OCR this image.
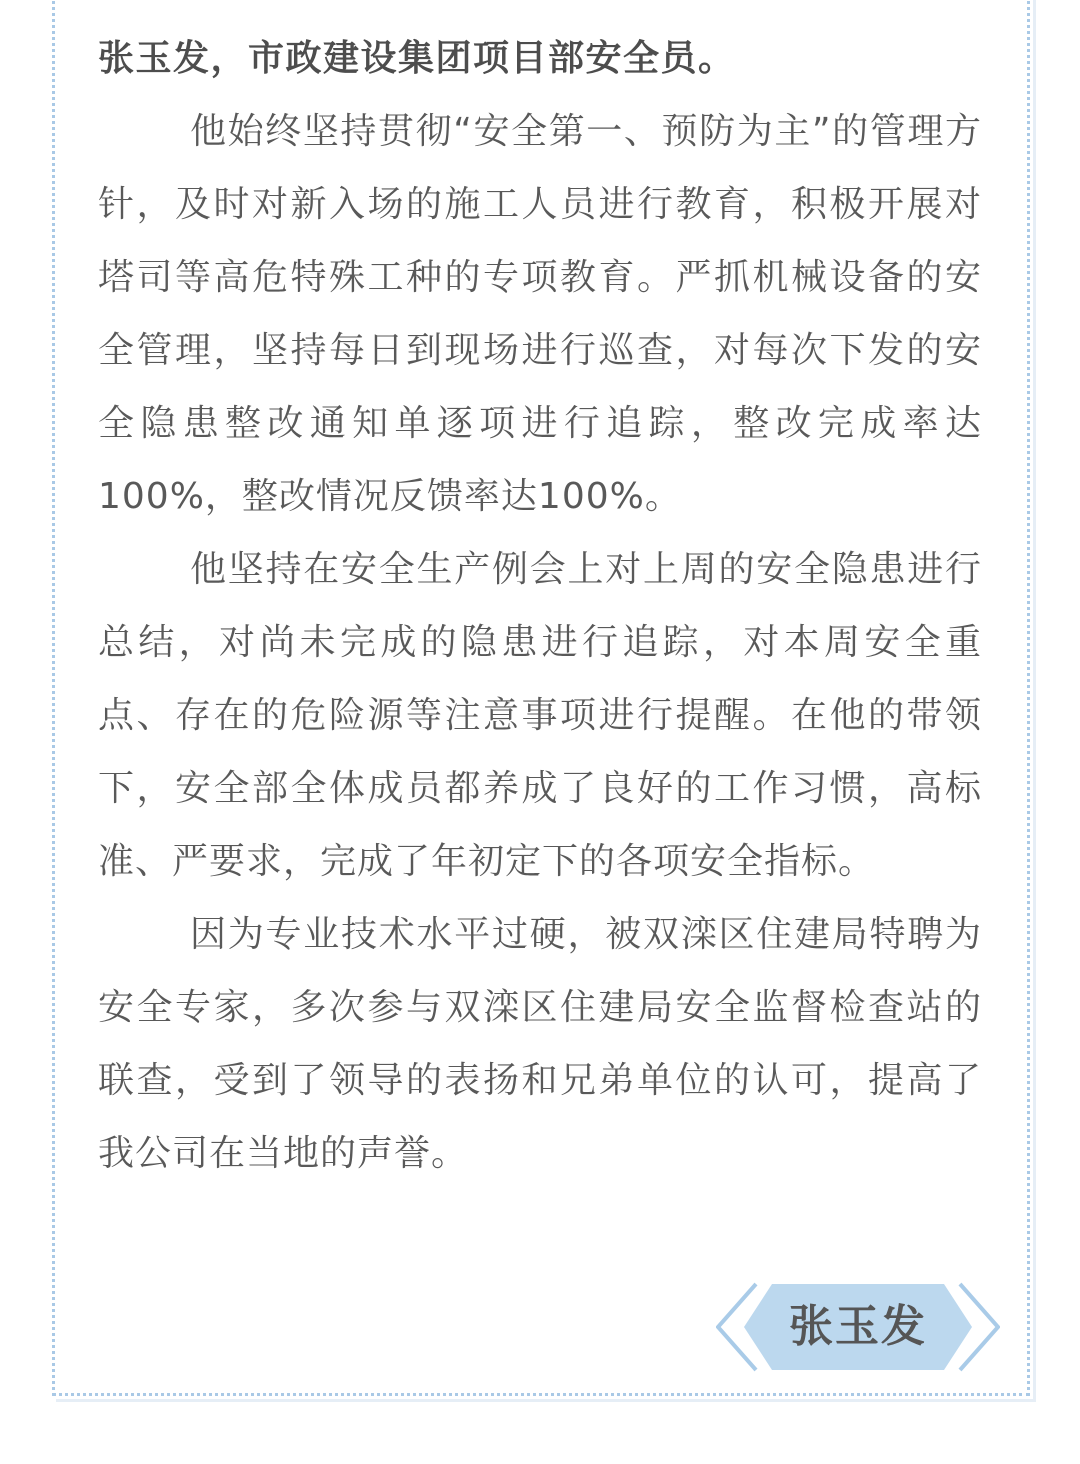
张玉发，市政建设集团项目部安全员。

他始终坚持贯彻“安全第一、预防为主”的管理方针，及时对新入场的施工人员进行教育，积极开展对塔司等高危特殊工种的专项教育。严抓机械设备的安全管理，坚持每日到现场进行巡查，对每次下发的安全隐患整改通知单逐项进行追踪，整改完成率达100%，整改情况反馈率达100%。

他坚持在安全生产例会上对上周的安全隐患进行总结，对尚未完成的隐患进行追踪，对本周安全重点、存在的危险源等注意事项进行提醒。在他的带领下，安全部全体成员都养成了良好的工作习惯，高标准、严要求，完成了年初定下的各项安全指标。

因为专业技术水平过硬，被双滦区住建局特聘为安全专家，多次参与双滦区住建局安全监督检查站的联查，受到了领导的表扬和兄弟单位的认可，提高了我公司在当地的声誉。

张玉发
